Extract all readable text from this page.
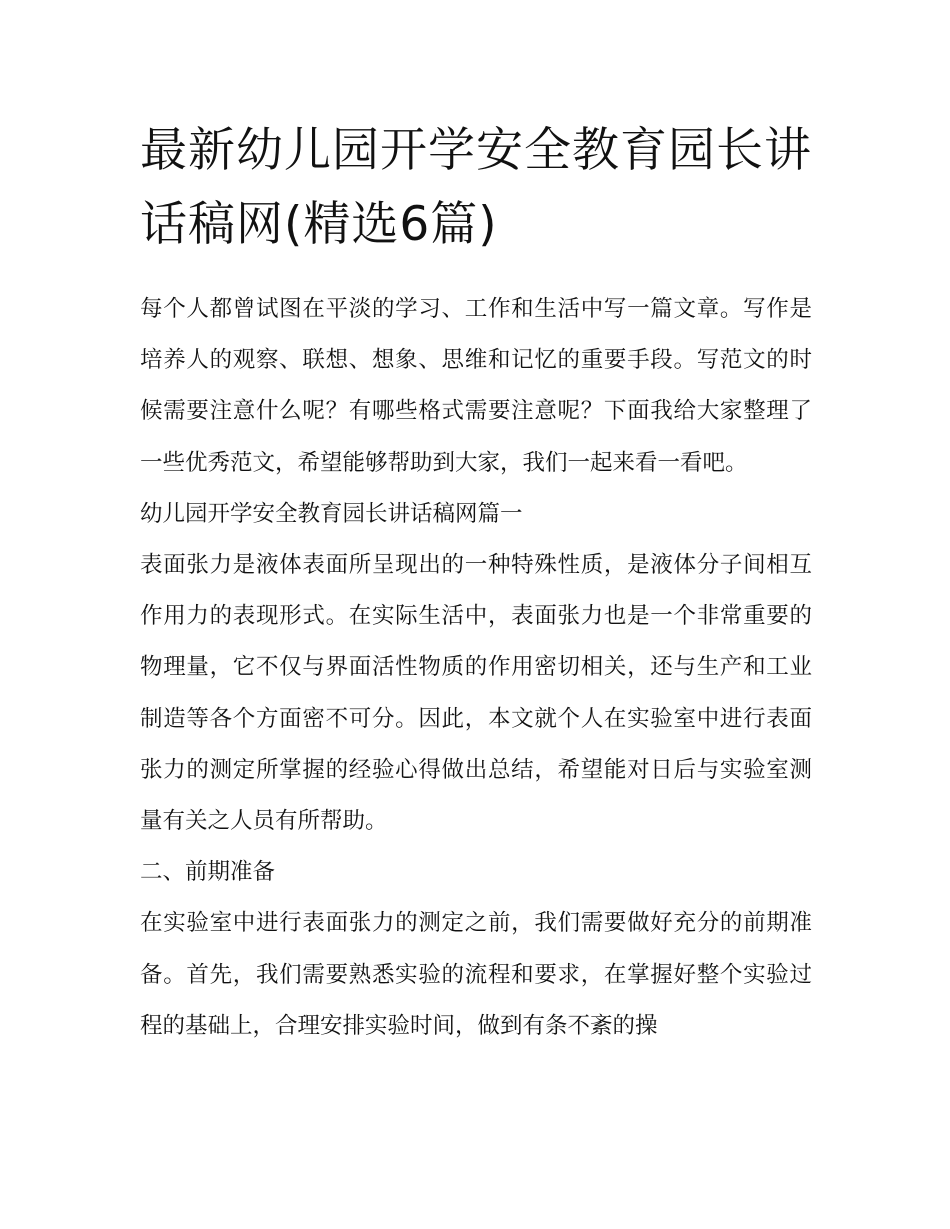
最新幼儿园开学安全教育园长讲话稿网(精选6篇)

每个人都曾试图在平淡的学习、工作和生活中写一篇文章。写作是培养人的观察、联想、想象、思维和记忆的重要手段。写范文的时候需要注意什么呢？有哪些格式需要注意呢？下面我给大家整理了一些优秀范文，希望能够帮助到大家，我们一起来看一看吧。

幼儿园开学安全教育园长讲话稿网篇一

表面张力是液体表面所呈现出的一种特殊性质，是液体分子间相互作用力的表现形式。在实际生活中，表面张力也是一个非常重要的物理量，它不仅与界面活性物质的作用密切相关，还与生产和工业制造等各个方面密不可分。因此，本文就个人在实验室中进行表面张力的测定所掌握的经验心得做出总结，希望能对日后与实验室测量有关之人员有所帮助。

二、前期准备

在实验室中进行表面张力的测定之前，我们需要做好充分的前期准备。首先，我们需要熟悉实验的流程和要求，在掌握好整个实验过程的基础上，合理安排实验时间，做到有条不紊的操
